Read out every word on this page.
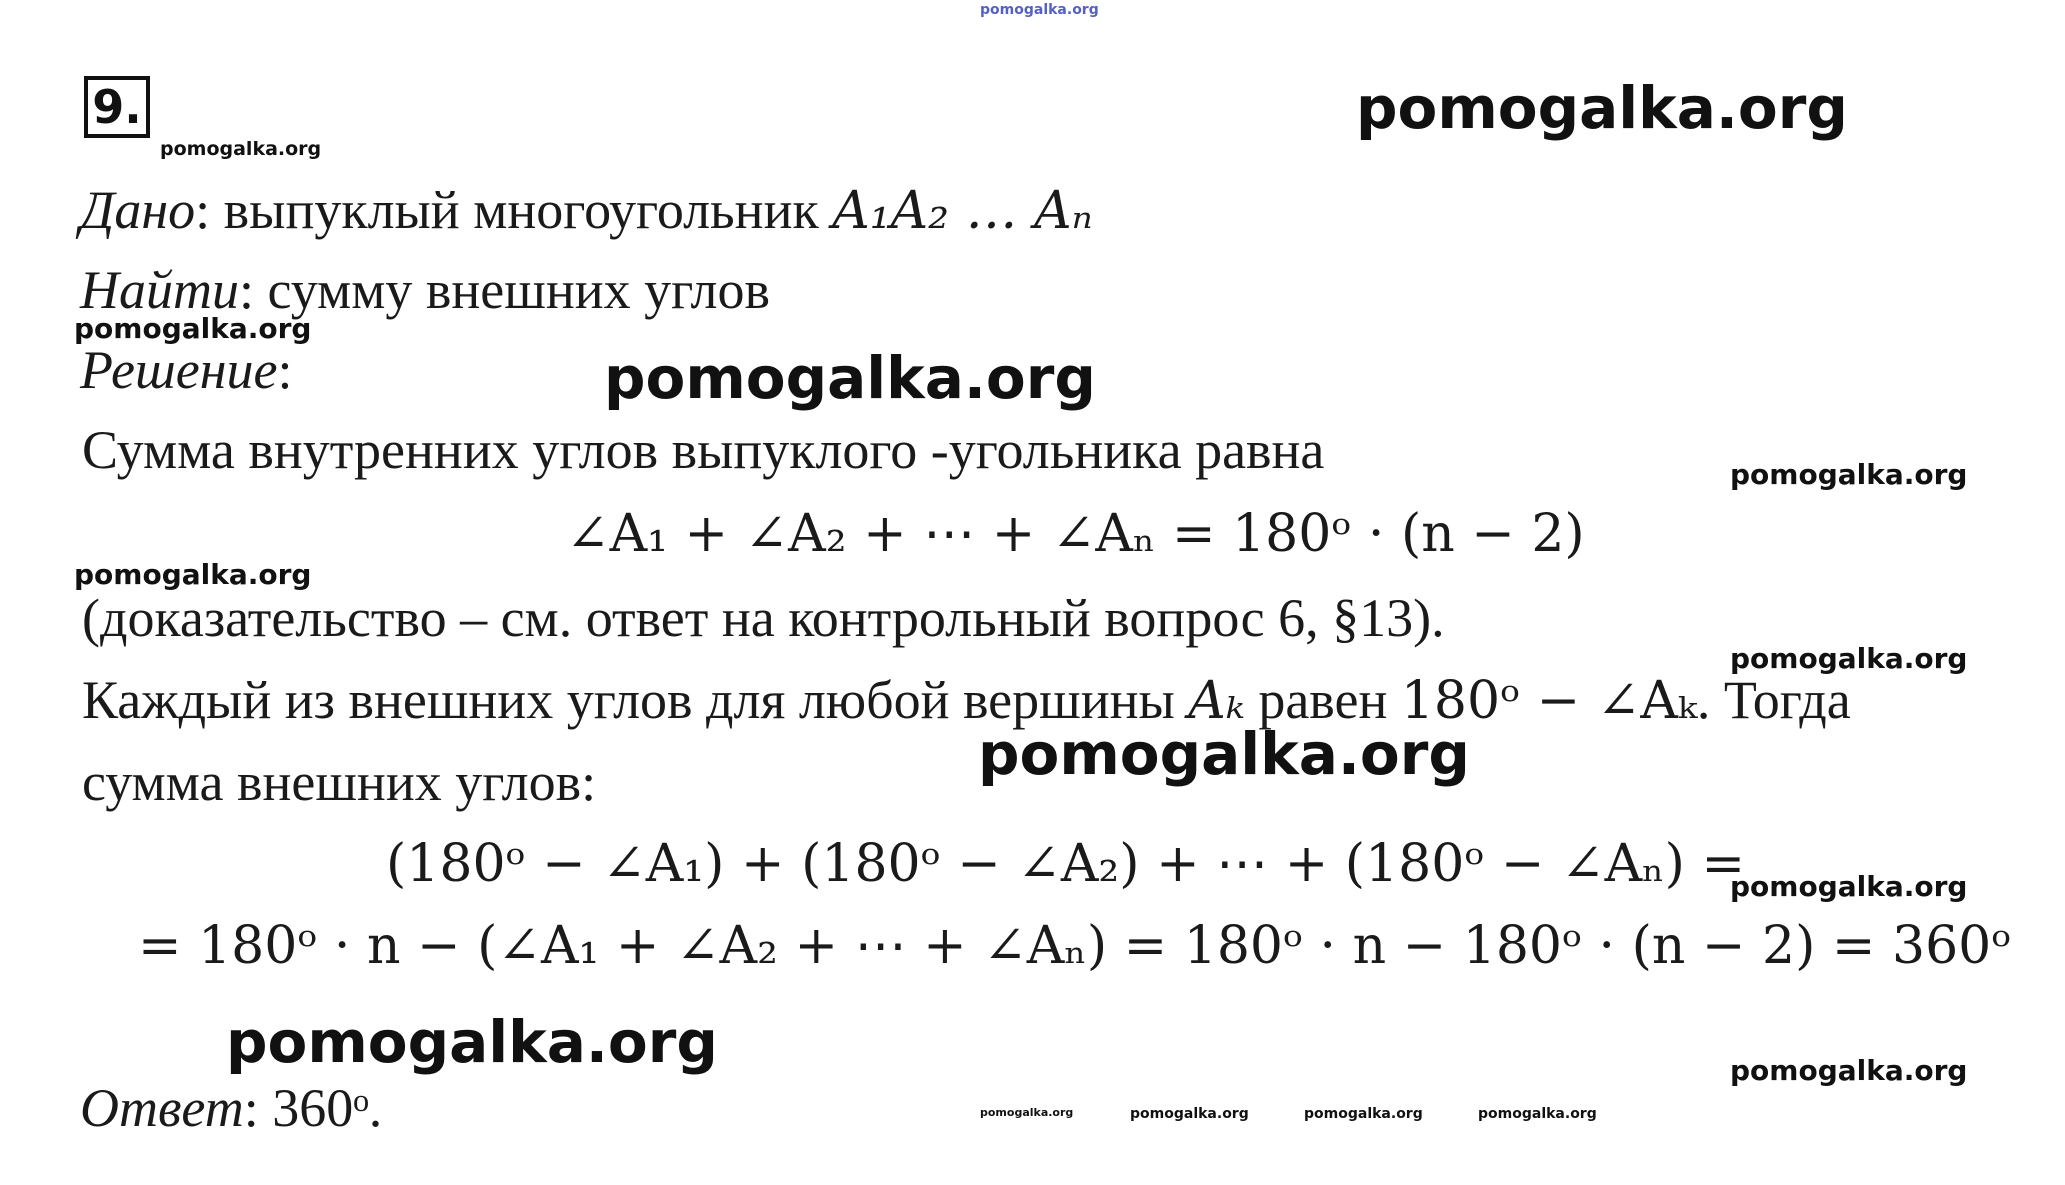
pomogalka.org
9.	pomogalka.org
pomogalka.org
Дано: выпуклый многоугольник A₁A₂ … Aₙ
Найти: сумму внешних углов
pomogalka.org
Решение:	pomogalka.org
Сумма внутренних углов выпуклого -угольника равна	pomogalka.org
∠A₁ + ∠A₂ + ⋯ + ∠Aₙ = 180ᵒ · (n − 2)
pomogalka.org
(доказательство – см. ответ на контрольный вопрос 6, §13).
pomogalka.org
Каждый из внешних углов для любой вершины Aₖ равен 180ᵒ − ∠Aₖ. Тогда
сумма внешних углов:	pomogalka.org
(180ᵒ − ∠A₁) + (180ᵒ − ∠A₂) + ⋯ + (180ᵒ − ∠Aₙ) =
pomogalka.org
= 180ᵒ · n − (∠A₁ + ∠A₂ + ⋯ + ∠Aₙ) = 180ᵒ · n − 180ᵒ · (n − 2) = 360ᵒ
pomogalka.org	pomogalka.org
Ответ: 360ᵒ.	pomogalka.org	pomogalka.org	pomogalka.org	pomogalka.org
